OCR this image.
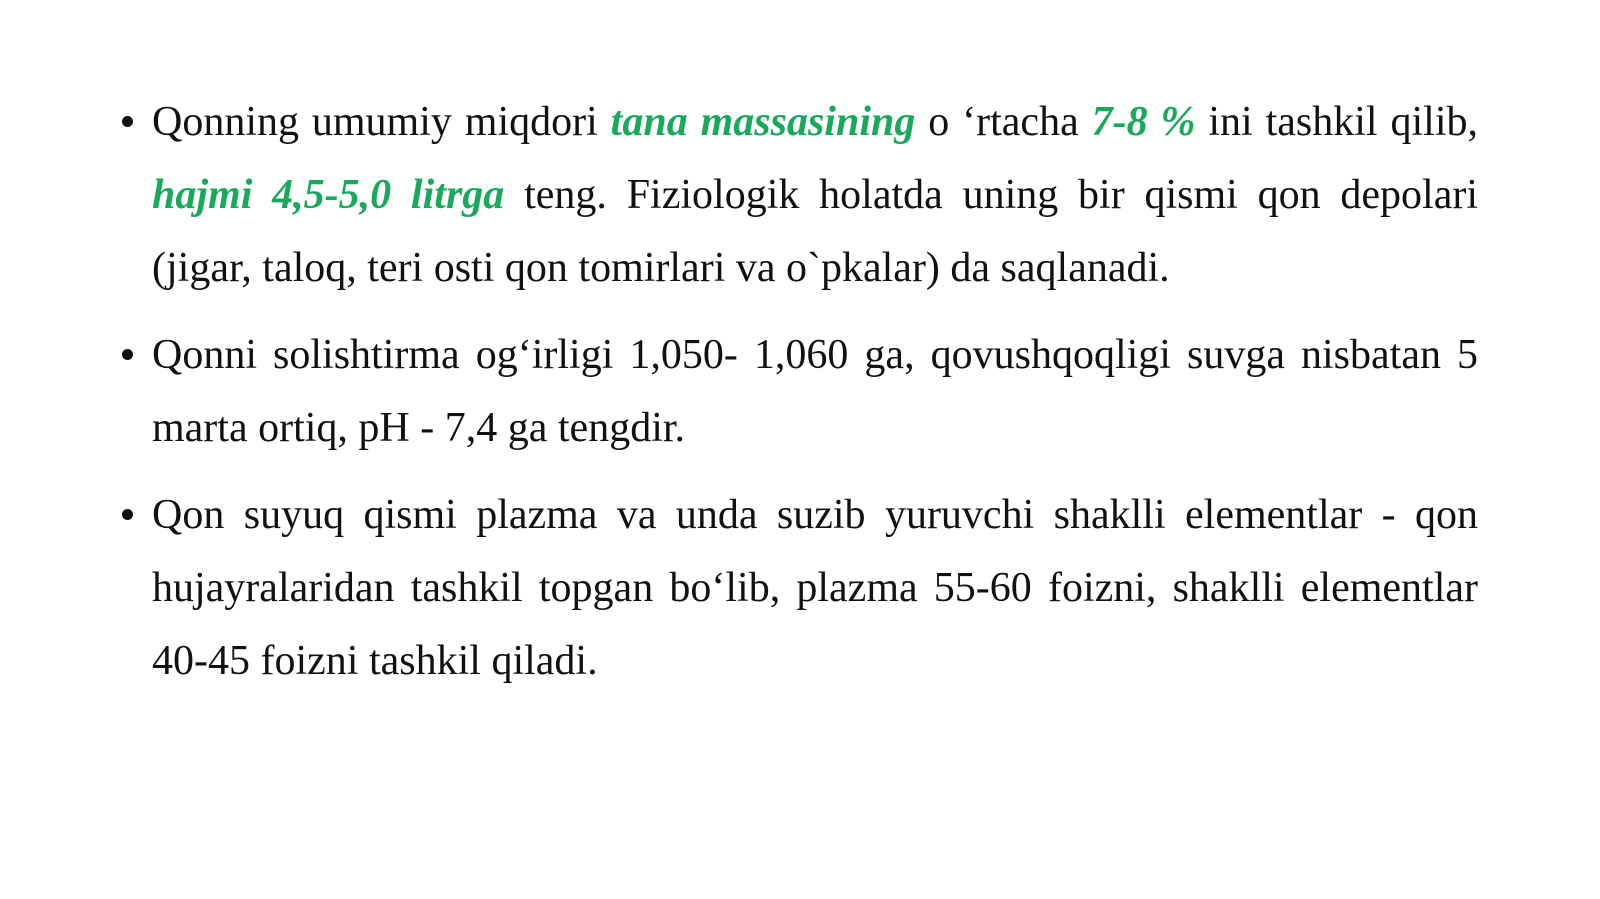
Qonning umumiy miqdori tana massasining o ‘rtacha 7-8 % ini tashkil qilib, hajmi 4,5-5,0 litrga teng. Fiziologik holatda uning bir qismi qon depolari (jigar, taloq, teri osti qon tomirlari va o`pkalar) da saqlanadi.
Qonni solishtirma og‘irligi 1,050- 1,060 ga, qovushqoqligi suvga nisbatan 5 marta ortiq, pH - 7,4 ga tengdir.
Qon suyuq qismi plazma va unda suzib yuruvchi shaklli elementlar - qon hujayralaridan tashkil topgan bo‘lib, plazma 55-60 foizni, shaklli elementlar 40-45 foizni tashkil qiladi.
